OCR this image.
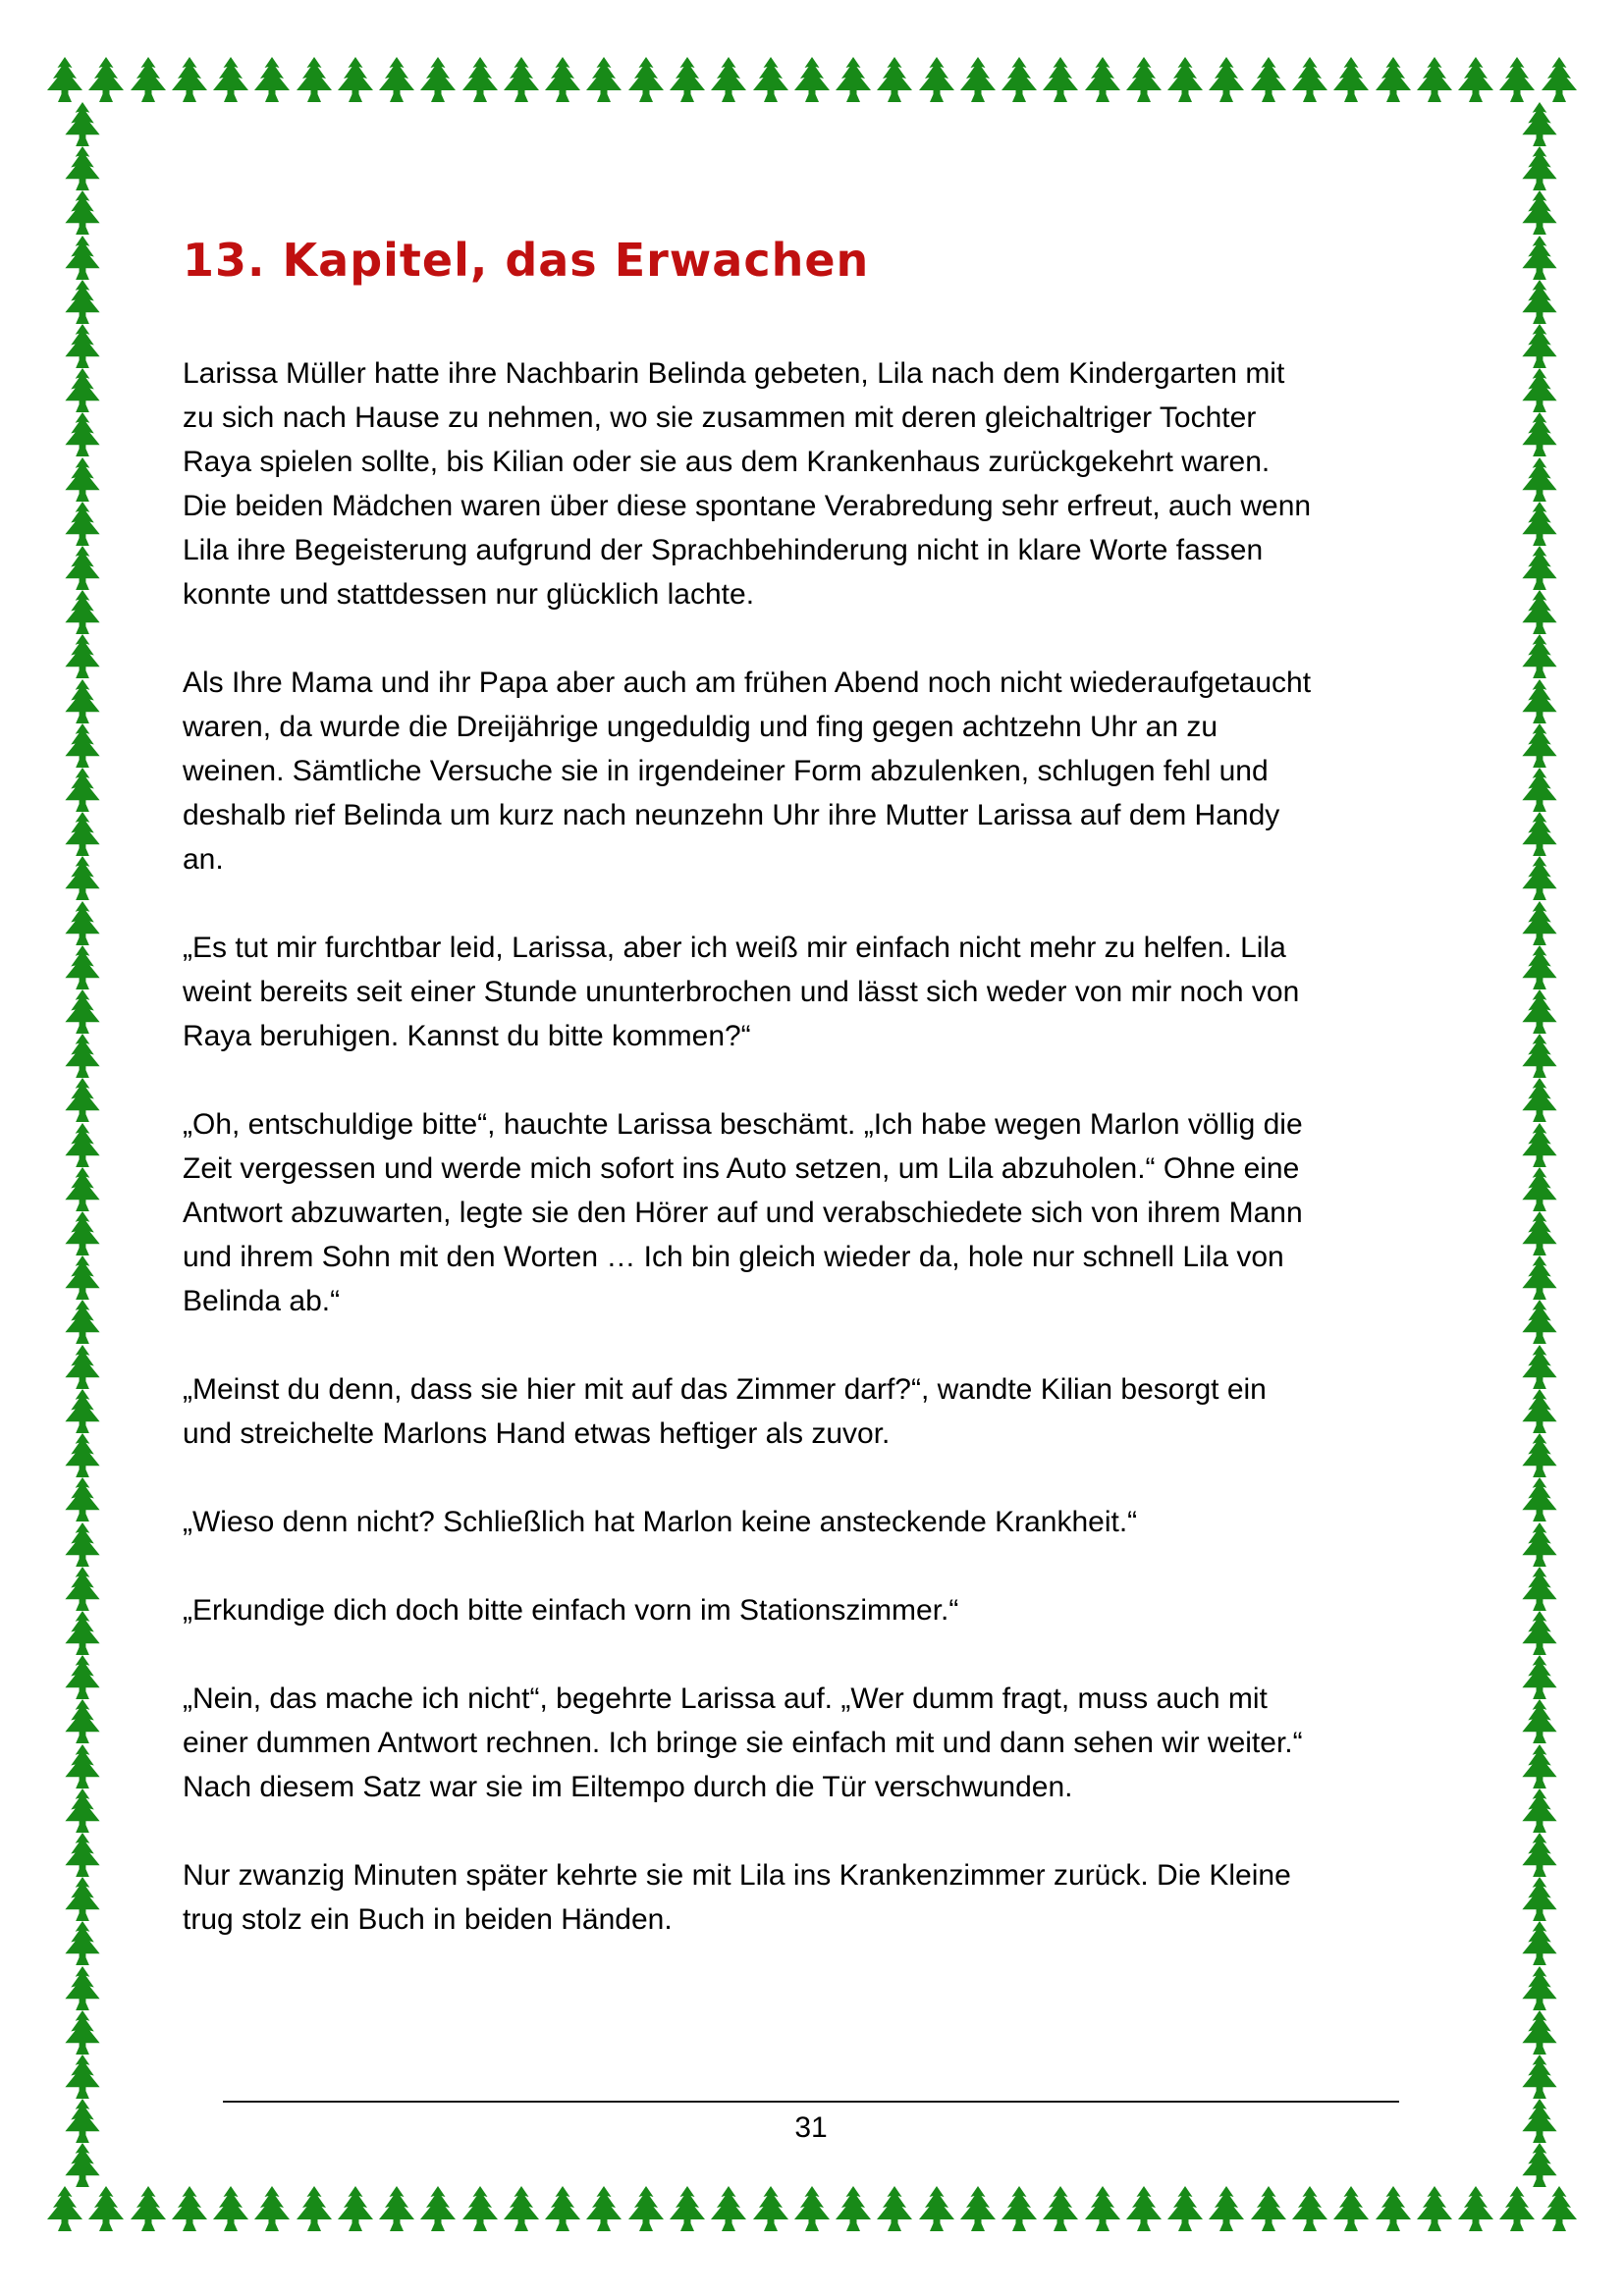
13. Kapitel, das Erwachen

Larissa Müller hatte ihre Nachbarin Belinda gebeten, Lila nach dem Kindergarten mit zu sich nach Hause zu nehmen, wo sie zusammen mit deren gleichaltriger Tochter Raya spielen sollte, bis Kilian oder sie aus dem Krankenhaus zurückgekehrt waren. Die beiden Mädchen waren über diese spontane Verabredung sehr erfreut, auch wenn Lila ihre Begeisterung aufgrund der Sprachbehinderung nicht in klare Worte fassen konnte und stattdessen nur glücklich lachte.

Als Ihre Mama und ihr Papa aber auch am frühen Abend noch nicht wiederaufgetaucht waren, da wurde die Dreijährige ungeduldig und fing gegen achtzehn Uhr an zu weinen. Sämtliche Versuche sie in irgendeiner Form abzulenken, schlugen fehl und deshalb rief Belinda um kurz nach neunzehn Uhr ihre Mutter Larissa auf dem Handy an.

„Es tut mir furchtbar leid, Larissa, aber ich weiß mir einfach nicht mehr zu helfen. Lila weint bereits seit einer Stunde ununterbrochen und lässt sich weder von mir noch von Raya beruhigen. Kannst du bitte kommen?“

„Oh, entschuldige bitte“, hauchte Larissa beschämt. „Ich habe wegen Marlon völlig die Zeit vergessen und werde mich sofort ins Auto setzen, um Lila abzuholen.“ Ohne eine Antwort abzuwarten, legte sie den Hörer auf und verabschiedete sich von ihrem Mann und ihrem Sohn mit den Worten … Ich bin gleich wieder da, hole nur schnell Lila von Belinda ab.“

„Meinst du denn, dass sie hier mit auf das Zimmer darf?“, wandte Kilian besorgt ein und streichelte Marlons Hand etwas heftiger als zuvor.

„Wieso denn nicht? Schließlich hat Marlon keine ansteckende Krankheit.“

„Erkundige dich doch bitte einfach vorn im Stationszimmer.“

„Nein, das mache ich nicht“, begehrte Larissa auf. „Wer dumm fragt, muss auch mit einer dummen Antwort rechnen. Ich bringe sie einfach mit und dann sehen wir weiter.“ Nach diesem Satz war sie im Eiltempo durch die Tür verschwunden.

Nur zwanzig Minuten später kehrte sie mit Lila ins Krankenzimmer zurück. Die Kleine trug stolz ein Buch in beiden Händen.

31
